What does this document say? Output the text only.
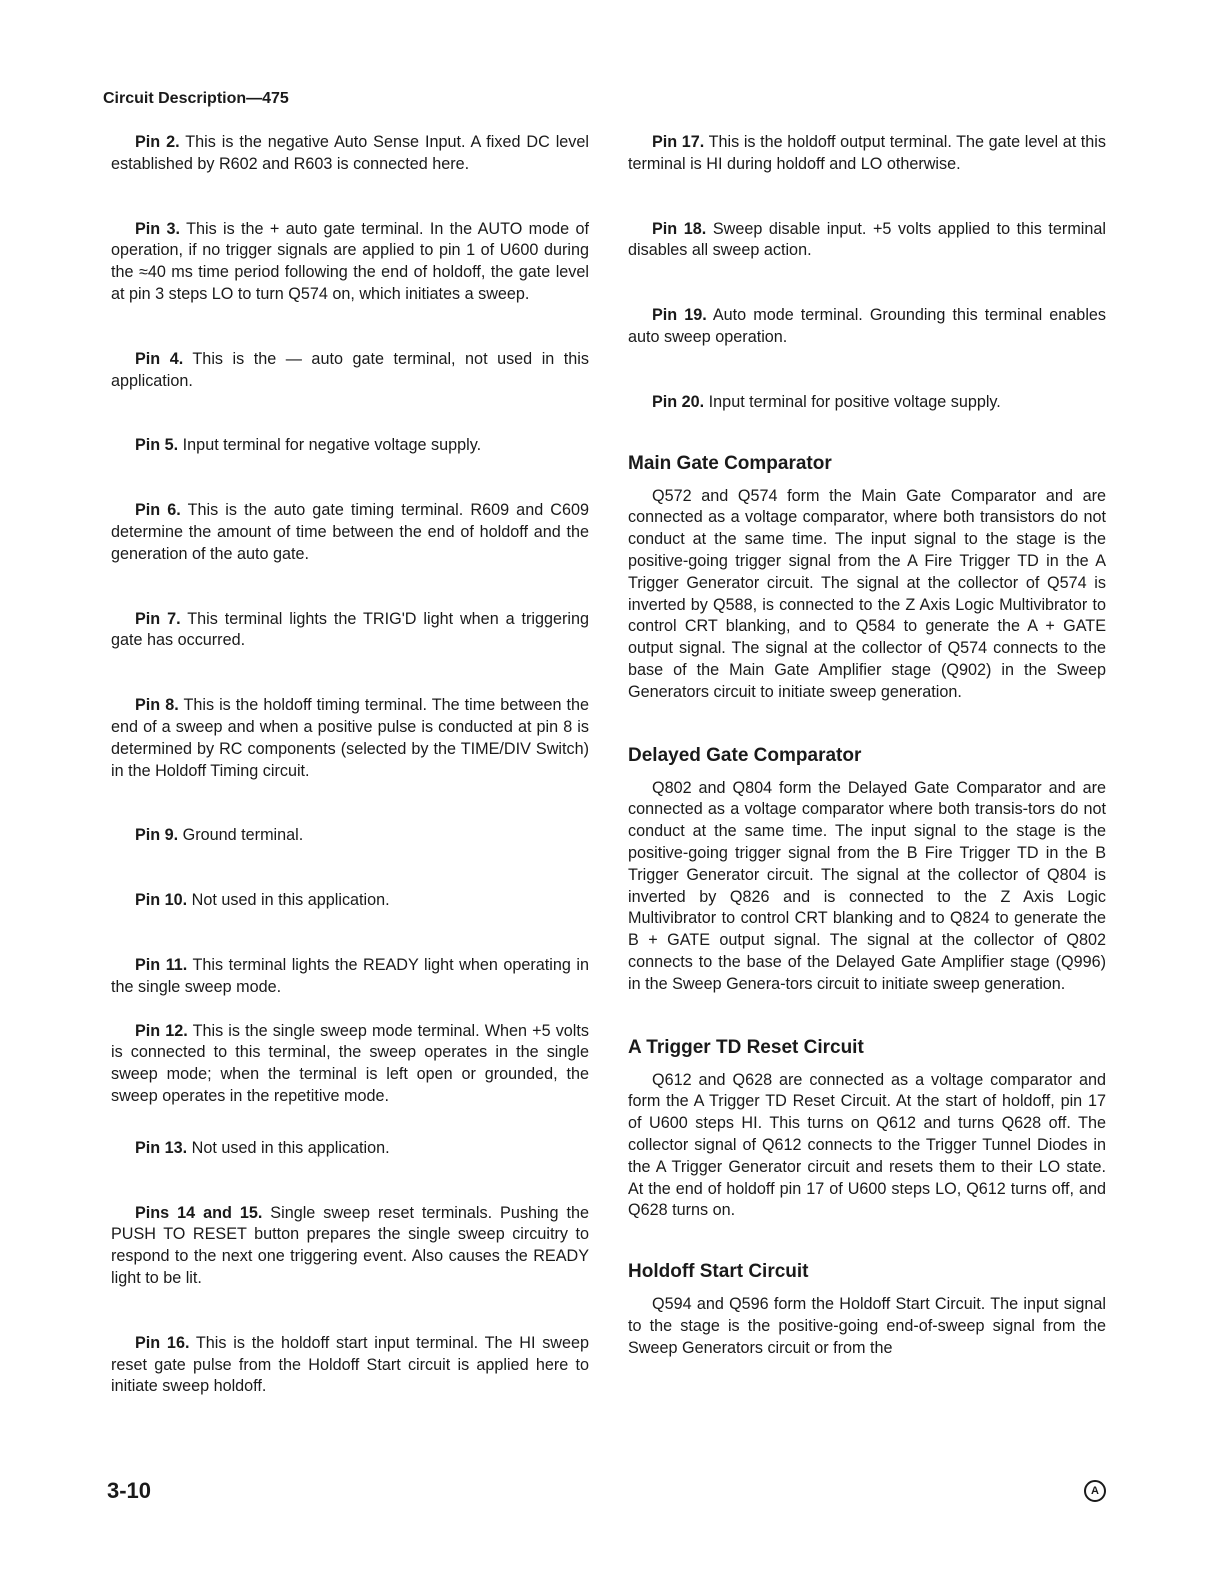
Circuit Description—475

Pin 2. This is the negative Auto Sense Input. A fixed DC level established by R602 and R603 is connected here.

Pin 3. This is the + auto gate terminal. In the AUTO mode of operation, if no trigger signals are applied to pin 1 of U600 during the ≈40 ms time period following the end of holdoff, the gate level at pin 3 steps LO to turn Q574 on, which initiates a sweep.

Pin 4. This is the — auto gate terminal, not used in this application.

Pin 5. Input terminal for negative voltage supply.

Pin 6. This is the auto gate timing terminal. R609 and C609 determine the amount of time between the end of holdoff and the generation of the auto gate.

Pin 7. This terminal lights the TRIG'D light when a triggering gate has occurred.

Pin 8. This is the holdoff timing terminal. The time between the end of a sweep and when a positive pulse is conducted at pin 8 is determined by RC components (selected by the TIME/DIV Switch) in the Holdoff Timing circuit.

Pin 9. Ground terminal.

Pin 10. Not used in this application.

Pin 11. This terminal lights the READY light when operating in the single sweep mode.

Pin 12. This is the single sweep mode terminal. When +5 volts is connected to this terminal, the sweep operates in the single sweep mode; when the terminal is left open or grounded, the sweep operates in the repetitive mode.

Pin 13. Not used in this application.

Pins 14 and 15. Single sweep reset terminals. Pushing the PUSH TO RESET button prepares the single sweep circuitry to respond to the next one triggering event. Also causes the READY light to be lit.

Pin 16. This is the holdoff start input terminal. The HI sweep reset gate pulse from the Holdoff Start circuit is applied here to initiate sweep holdoff.

Pin 17. This is the holdoff output terminal. The gate level at this terminal is HI during holdoff and LO otherwise.

Pin 18. Sweep disable input. +5 volts applied to this terminal disables all sweep action.

Pin 19. Auto mode terminal. Grounding this terminal enables auto sweep operation.

Pin 20. Input terminal for positive voltage supply.

Main Gate Comparator

Q572 and Q574 form the Main Gate Comparator and are connected as a voltage comparator, where both transistors do not conduct at the same time. The input signal to the stage is the positive-going trigger signal from the A Fire Trigger TD in the A Trigger Generator circuit. The signal at the collector of Q574 is inverted by Q588, is connected to the Z Axis Logic Multivibrator to control CRT blanking, and to Q584 to generate the A + GATE output signal. The signal at the collector of Q574 connects to the base of the Main Gate Amplifier stage (Q902) in the Sweep Generators circuit to initiate sweep generation.

Delayed Gate Comparator

Q802 and Q804 form the Delayed Gate Comparator and are connected as a voltage comparator where both transis-tors do not conduct at the same time. The input signal to the stage is the positive-going trigger signal from the B Fire Trigger TD in the B Trigger Generator circuit. The signal at the collector of Q804 is inverted by Q826 and is connected to the Z Axis Logic Multivibrator to control CRT blanking and to Q824 to generate the B + GATE output signal. The signal at the collector of Q802 connects to the base of the Delayed Gate Amplifier stage (Q996) in the Sweep Genera-tors circuit to initiate sweep generation.

A Trigger TD Reset Circuit

Q612 and Q628 are connected as a voltage comparator and form the A Trigger TD Reset Circuit. At the start of holdoff, pin 17 of U600 steps HI. This turns on Q612 and turns Q628 off. The collector signal of Q612 connects to the Trigger Tunnel Diodes in the A Trigger Generator circuit and resets them to their LO state. At the end of holdoff pin 17 of U600 steps LO, Q612 turns off, and Q628 turns on.

Holdoff Start Circuit

Q594 and Q596 form the Holdoff Start Circuit. The input signal to the stage is the positive-going end-of-sweep signal from the Sweep Generators circuit or from the

3-10	A
